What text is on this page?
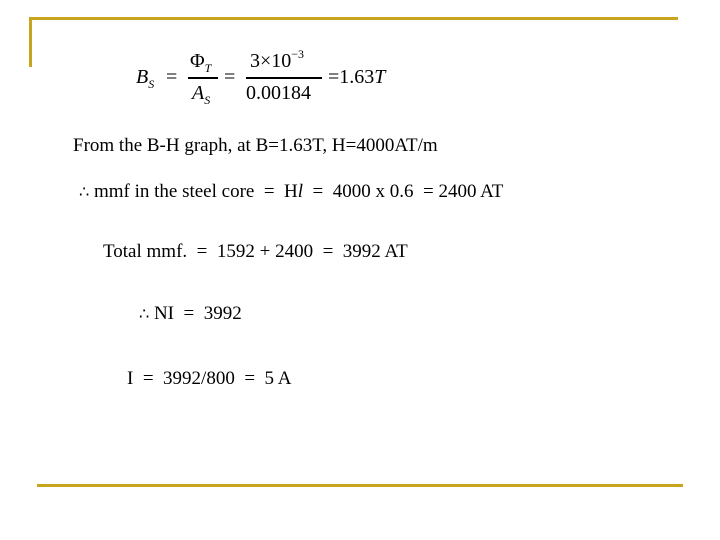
$B_S$ =
$\Phi_T$
$A_S$
=
$3\times 10^{-3}$
0.00184
=1.63T
From the B-H graph, at B=1.63T, H=4000AT/m
∴ mmf in the steel core  =  Hl  =  4000 x 0.6  = 2400 AT
Total mmf.  =  1592 + 2400  =  3992 AT
∴ NI  =  3992
I  =  3992/800  =  5 A
